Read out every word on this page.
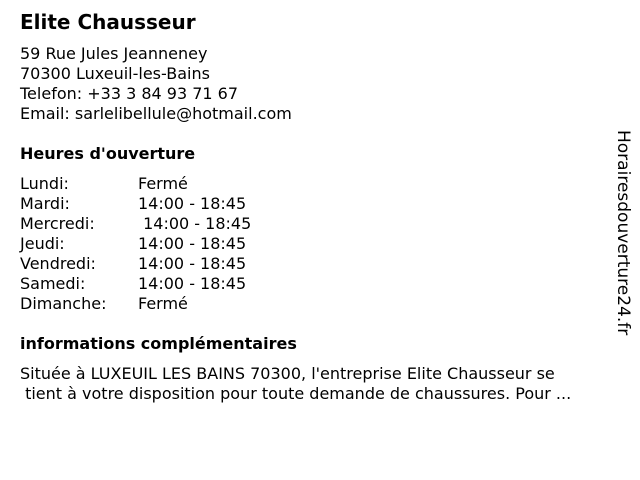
Elite Chausseur
59 Rue Jules Jeanneney
70300 Luxeuil-les-Bains
Telefon: +33 3 84 93 71 67
Email: sarlelibellule@hotmail.com
Heures d'ouverture
Lundi:	Fermé
Mardi:	14:00 - 18:45
Mercredi:	14:00 - 18:45
Jeudi:	14:00 - 18:45
Vendredi:	14:00 - 18:45
Samedi:	14:00 - 18:45
Dimanche: Fermé
informations complémentaires
Située à LUXEUIL LES BAINS 70300, l'entreprise Elite Chausseur se
tient à votre disposition pour toute demande de chaussures. Pour ...
Horairesdouverture24.fr
